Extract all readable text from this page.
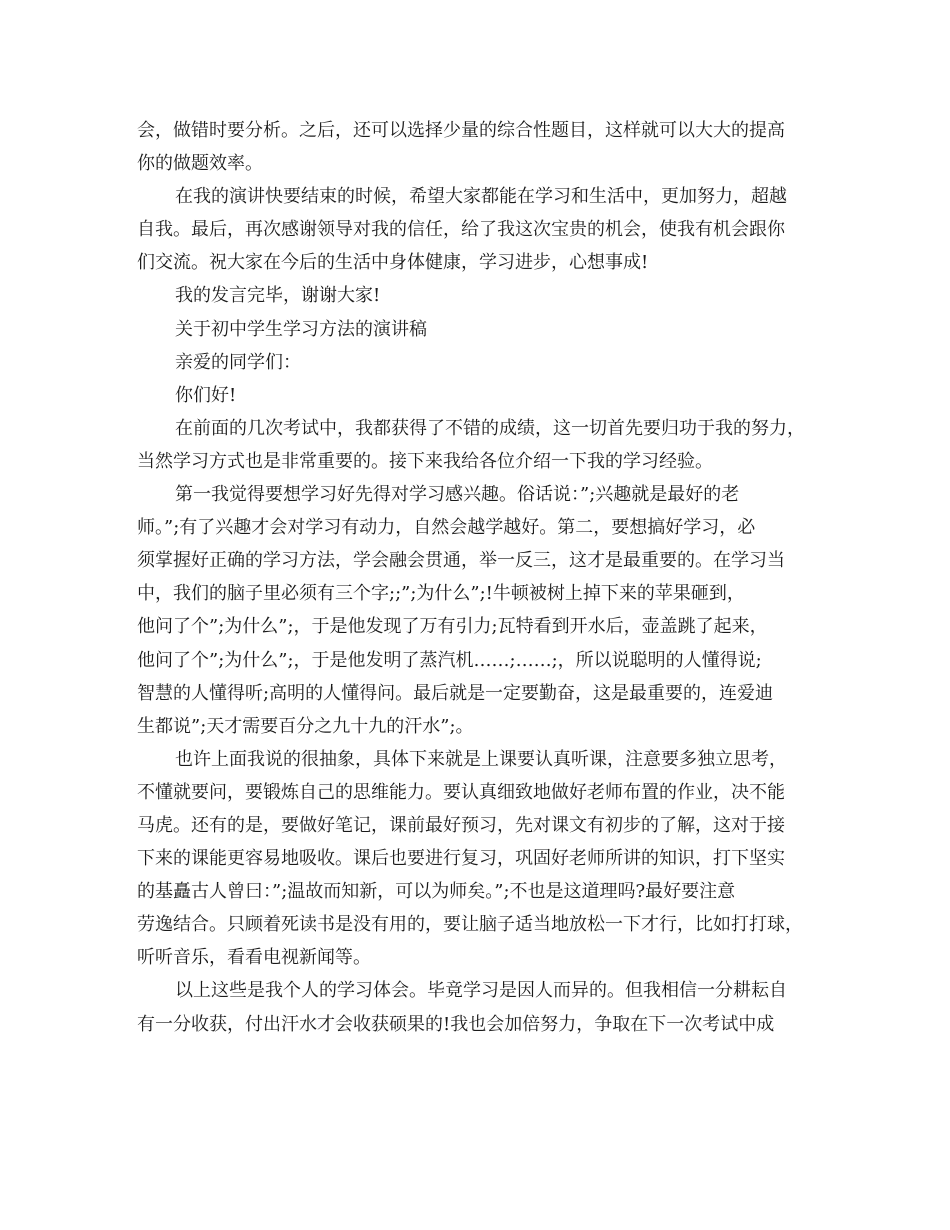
会，做错时要分析。之后，还可以选择少量的综合性题目，这样就可以大大的提高
你的做题效率。
在我的演讲快要结束的时候，希望大家都能在学习和生活中，更加努力，超越
自我。最后，再次感谢领导对我的信任，给了我这次宝贵的机会，使我有机会跟你
们交流。祝大家在今后的生活中身体健康，学习进步，心想事成!
我的发言完毕，谢谢大家!
关于初中学生学习方法的演讲稿
亲爱的同学们：
你们好!
在前面的几次考试中，我都获得了不错的成绩，这一切首先要归功于我的努力，
当然学习方式也是非常重要的。接下来我给各位介绍一下我的学习经验。
第一我觉得要想学习好先得对学习感兴趣。俗话说：”;兴趣就是最好的老
师。”;有了兴趣才会对学习有动力，自然会越学越好。第二，要想搞好学习，必
须掌握好正确的学习方法，学会融会贯通，举一反三，这才是最重要的。在学习当
中，我们的脑子里必须有三个字;;”;为什么”;!牛顿被树上掉下来的苹果砸到，
他问了个”;为什么”;，于是他发现了万有引力;瓦特看到开水后，壶盖跳了起来，
他问了个”;为什么”;，于是他发明了蒸汽机……;……;，所以说聪明的人懂得说;
智慧的人懂得听;高明的人懂得问。最后就是一定要勤奋，这是最重要的，连爱迪
生都说”;天才需要百分之九十九的汗水”;。
也许上面我说的很抽象，具体下来就是上课要认真听课，注意要多独立思考，
不懂就要问，要锻炼自己的思维能力。要认真细致地做好老师布置的作业，决不能
马虎。还有的是，要做好笔记，课前最好预习，先对课文有初步的了解，这对于接
下来的课能更容易地吸收。课后也要进行复习，巩固好老师所讲的知识，打下坚实
的基矗古人曾曰：”;温故而知新，可以为师矣。”;不也是这道理吗?最好要注意
劳逸结合。只顾着死读书是没有用的，要让脑子适当地放松一下才行，比如打打球，
听听音乐，看看电视新闻等。
以上这些是我个人的学习体会。毕竟学习是因人而异的。但我相信一分耕耘自
有一分收获，付出汗水才会收获硕果的!我也会加倍努力，争取在下一次考试中成
